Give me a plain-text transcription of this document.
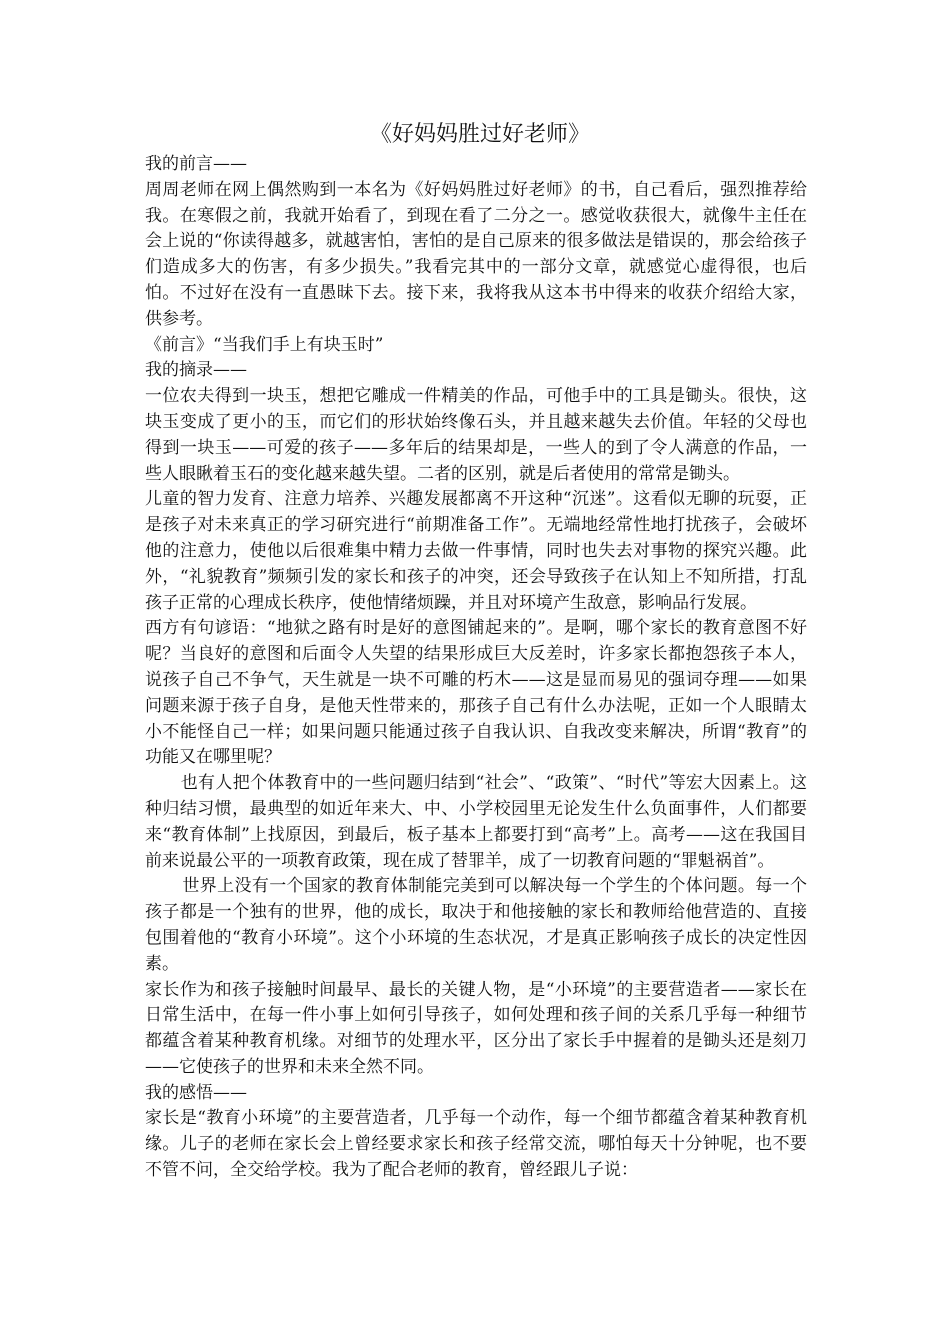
《好妈妈胜过好老师》

我的前言——

周周老师在网上偶然购到一本名为《好妈妈胜过好老师》的书，自己看后，强烈推荐给我。在寒假之前，我就开始看了，到现在看了二分之一。感觉收获很大，就像牛主任在会上说的“你读得越多，就越害怕，害怕的是自己原来的很多做法是错误的，那会给孩子们造成多大的伤害，有多少损失。”我看完其中的一部分文章，就感觉心虚得很，也后怕。不过好在没有一直愚昧下去。接下来，我将我从这本书中得来的收获介绍给大家，供参考。

《前言》“当我们手上有块玉时”

我的摘录——

一位农夫得到一块玉，想把它雕成一件精美的作品，可他手中的工具是锄头。很快，这块玉变成了更小的玉，而它们的形状始终像石头，并且越来越失去价值。年轻的父母也得到一块玉——可爱的孩子——多年后的结果却是，一些人的到了令人满意的作品，一些人眼瞅着玉石的变化越来越失望。二者的区别，就是后者使用的常常是锄头。

儿童的智力发育、注意力培养、兴趣发展都离不开这种“沉迷”。这看似无聊的玩耍，正是孩子对未来真正的学习研究进行“前期准备工作”。无端地经常性地打扰孩子，会破坏他的注意力，使他以后很难集中精力去做一件事情，同时也失去对事物的探究兴趣。此外，“礼貌教育”频频引发的家长和孩子的冲突，还会导致孩子在认知上不知所措，打乱孩子正常的心理成长秩序，使他情绪烦躁，并且对环境产生敌意，影响品行发展。

西方有句谚语：“地狱之路有时是好的意图铺起来的”。是啊，哪个家长的教育意图不好呢？当良好的意图和后面令人失望的结果形成巨大反差时，许多家长都抱怨孩子本人，说孩子自己不争气，天生就是一块不可雕的朽木——这是显而易见的强词夺理——如果问题来源于孩子自身，是他天性带来的，那孩子自己有什么办法呢，正如一个人眼睛太小不能怪自己一样；如果问题只能通过孩子自我认识、自我改变来解决，所谓“教育”的功能又在哪里呢？

也有人把个体教育中的一些问题归结到“社会”、“政策”、“时代”等宏大因素上。这种归结习惯，最典型的如近年来大、中、小学校园里无论发生什么负面事件，人们都要来“教育体制”上找原因，到最后，板子基本上都要打到“高考”上。高考——这在我国目前来说最公平的一项教育政策，现在成了替罪羊，成了一切教育问题的“罪魁祸首”。

世界上没有一个国家的教育体制能完美到可以解决每一个学生的个体问题。每一个孩子都是一个独有的世界，他的成长，取决于和他接触的家长和教师给他营造的、直接包围着他的“教育小环境”。这个小环境的生态状况，才是真正影响孩子成长的决定性因素。

家长作为和孩子接触时间最早、最长的关键人物，是“小环境”的主要营造者——家长在日常生活中，在每一件小事上如何引导孩子，如何处理和孩子间的关系几乎每一种细节都蕴含着某种教育机缘。对细节的处理水平，区分出了家长手中握着的是锄头还是刻刀——它使孩子的世界和未来全然不同。

我的感悟——

家长是“教育小环境”的主要营造者，几乎每一个动作，每一个细节都蕴含着某种教育机缘。儿子的老师在家长会上曾经要求家长和孩子经常交流，哪怕每天十分钟呢，也不要不管不问，全交给学校。我为了配合老师的教育，曾经跟儿子说：
